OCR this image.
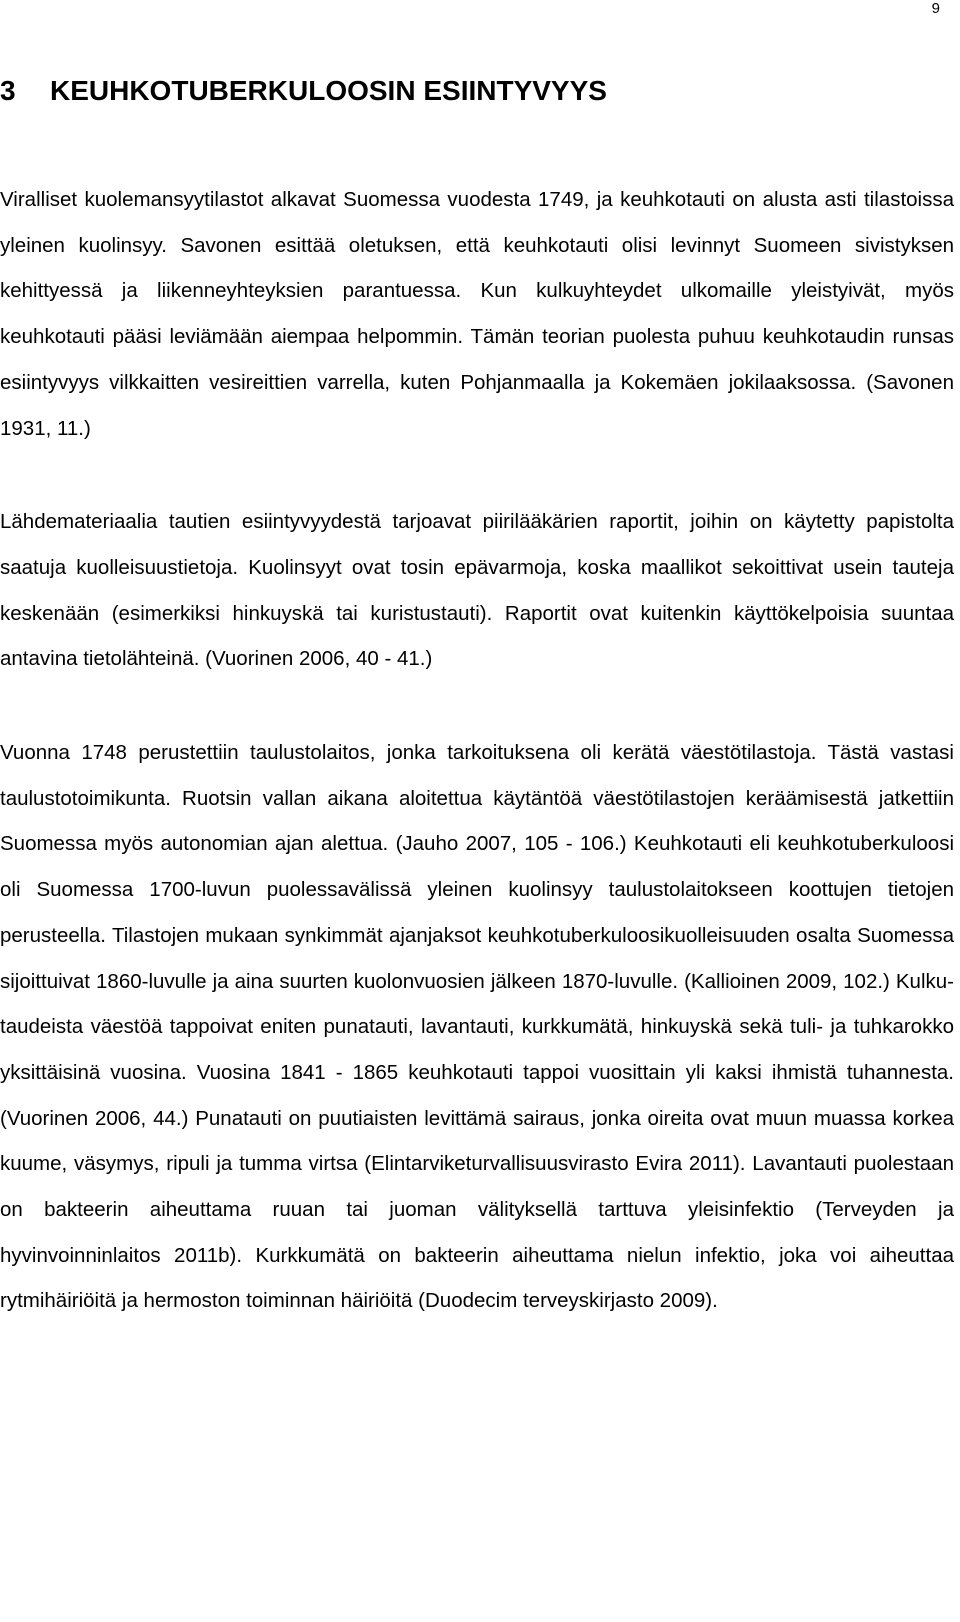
9
3 KEUHKOTUBERKULOOSIN ESIINTYVYYS

Viralliset kuolemansyytilastot alkavat Suomessa vuodesta 1749, ja keuhkotauti on alusta asti tilastoissa yleinen kuolinsyy. Savonen esittää oletuksen, että keuhkotauti olisi levinnyt Suomeen sivistyksen kehittyessä ja liikenneyhteyksien parantuessa. Kun kulkuyhteydet ulkomaille yleistyivät, myös keuhkotauti pääsi leviämään aiempaa helpommin. Tämän teorian puolesta puhuu keuhkotaudin runsas esiintyvyys vilkkaitten vesireittien varrella, kuten Pohjanmaalla ja Kokemäen jokilaaksossa. (Savonen 1931, 11.)

Lähdemateriaalia tautien esiintyvyydestä tarjoavat piirilääkärien raportit, joihin on käytetty papistolta saatuja kuolleisuustietoja. Kuolinsyyt ovat tosin epävarmoja, koska maallikot sekoittivat usein tauteja keskenään (esimerkiksi hinkuyskä tai kuristustauti). Raportit ovat kuitenkin käyttökelpoisia suuntaa antavina tietolähteinä. (Vuorinen 2006, 40 - 41.)

Vuonna 1748 perustettiin taulustolaitos, jonka tarkoituksena oli kerätä väestötilastoja. Tästä vastasi taulustotoimikunta. Ruotsin vallan aikana aloitettua käytäntöä väestötilastojen keräämisestä jatkettiin Suomessa myös autonomian ajan alettua. (Jauho 2007, 105 - 106.) Keuhkotauti eli keuhkotuberkuloosi oli Suomessa 1700-luvun puolessavälissä yleinen kuolinsyy taulustolaitokseen koottujen tietojen perusteella. Tilastojen mukaan synkimmät ajanjaksot keuhkotuberkuloosikuolleisuuden osalta Suomessa sijoittuivat 1860-luvulle ja aina suurten kuolonvuosien jälkeen 1870-luvulle. (Kallioinen 2009, 102.) Kulkutaudeista väestöä tappoivat eniten punatauti, lavantauti, kurkkumätä, hinkuyskä sekä tuli- ja tuhkarokko yksittäisinä vuosina. Vuosina 1841 - 1865 keuhkotauti tappoi vuosittain yli kaksi ihmistä tuhannesta. (Vuorinen 2006, 44.) Punatauti on puutiaisten levittämä sairaus, jonka oireita ovat muun muassa korkea kuume, väsymys, ripuli ja tumma virtsa (Elintarviketurvallisuusvirasto Evira 2011). Lavantauti puolestaan on bakteerin aiheuttama ruuan tai juoman välityksellä tarttuva yleisinfektio (Terveyden ja hyvinvoinninlaitos 2011b). Kurkkumätä on bakteerin aiheuttama nielun infektio, joka voi aiheuttaa rytmihäiriöitä ja hermoston toiminnan häiriöitä (Duodecim terveyskirjasto 2009).
